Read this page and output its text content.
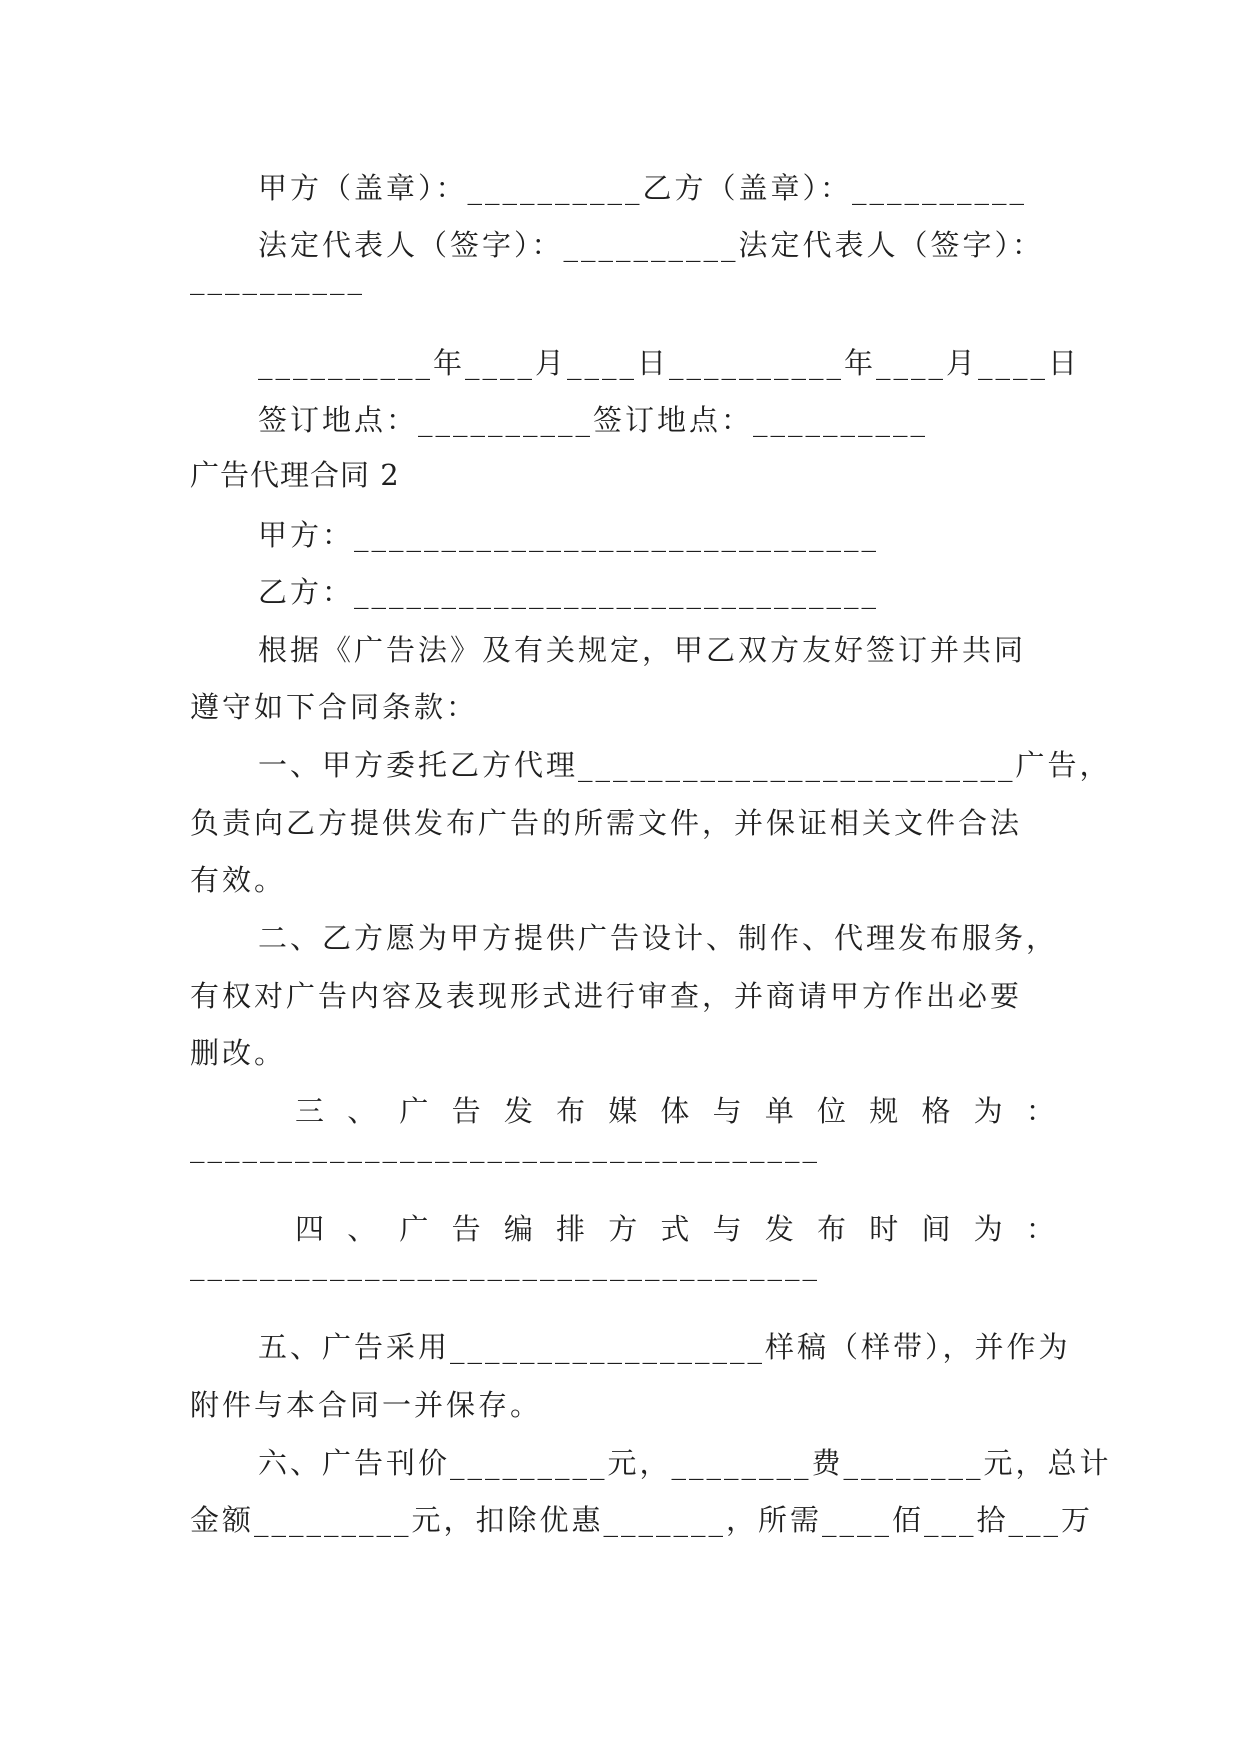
甲方（盖章）：__________乙方（盖章）：__________
法定代表人（签字）：__________法定代表人（签字）：
__________
__________年____月____日__________年____月____日
签订地点：__________签订地点：__________
广告代理合同 2
甲方：______________________________
乙方：______________________________
根据《广告法》及有关规定，甲乙双方友好签订并共同
遵守如下合同条款：
一、甲方委托乙方代理_________________________广告，
负责向乙方提供发布广告的所需文件，并保证相关文件合法
有效。
二、乙方愿为甲方提供广告设计、制作、代理发布服务，
有权对广告内容及表现形式进行审查，并商请甲方作出必要
删改。
三 、 广 告 发 布 媒 体 与 单 位 规 格 为 ：
____________________________________
四 、 广 告 编 排 方 式 与 发 布 时 间 为 ：
____________________________________
五、广告采用__________________样稿（样带），并作为
附件与本合同一并保存。
六、广告刊价_________元，________费________元，总计
金额_________元，扣除优惠_______，所需____佰___拾___万
